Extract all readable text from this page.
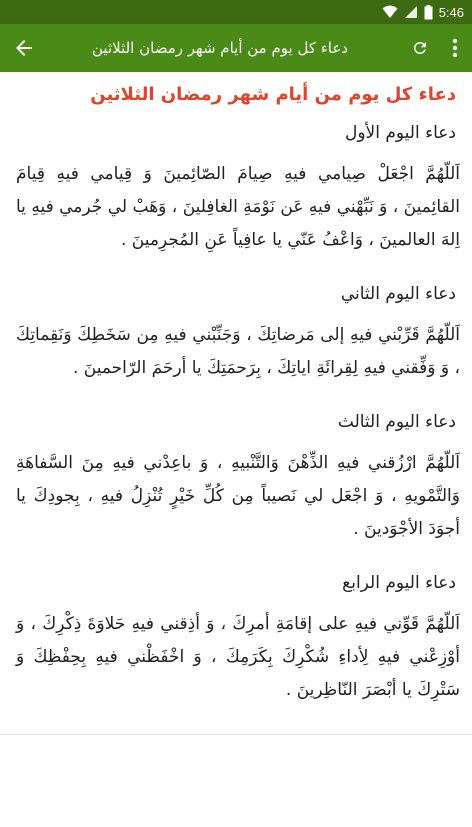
5:46
دعاء كل يوم من أيام شهر رمضان الثلاثين
دعاء كل يوم من أيام شهر رمضان الثلاثين
دعاء اليوم الأول
اَللّهُمَّ اجْعَلْ صِيامي فيهِ صِيامَ الصّائِمينَ وَ قِيامي فيهِ قِيامَ القائِمينَ ، وَ نَبِّهْني فيهِ عَن نَوْمَةِ الغافِلينَ ، وَهَبْ لي جُرمي فيهِ يا اِلهَ العالمينَ ، وَاعْفُ عَنّي يا عافِياً عَنِ المُجرِمينَ .
دعاء اليوم الثاني
اَللّهُمَّ قَرِّبْني فيهِ إلى مَرضاتِكَ ، وَجَنِّبْني فيهِ مِن سَخَطِكَ وَنَقِماتِكَ ، وَ وَفِّقني فيهِ لِقِرائَةِ اياتِكَ ، بِرَحمَتِكَ يا أرحَمَ الرّاحمينَ .
دعاء اليوم الثالث
اَللّهُمَّ ارْزُقني فيهِ الذِّهْنَ وَالتَّنْبيهِ ، وَ باعِدْني فيهِ مِنَ السَّفاهَةِ وَالتَّمْويهِ ، وَ اجْعَل لي نَصيباً مِن كُلِّ خَيْرٍ تُنْزِلُ فيهِ ، بِجودِكَ يا أجوَدَ الأجْوَدينَ .
دعاء اليوم الرابع
اَللّهُمَّ قَوِّني فيهِ على إقامَةِ أمرِكَ ، وَ أذِقني فيهِ حَلاوَةَ ذِكْرِكَ ، وَ أوْزِعْني فيهِ لِأداءِ شُكْرِكَ بِكَرَمِكَ ، وَ اخْفَظْني فيهِ بِحِفْظِكَ وَ سَتْرِكَ يا أبْصَرَ النّاظِرينَ .
